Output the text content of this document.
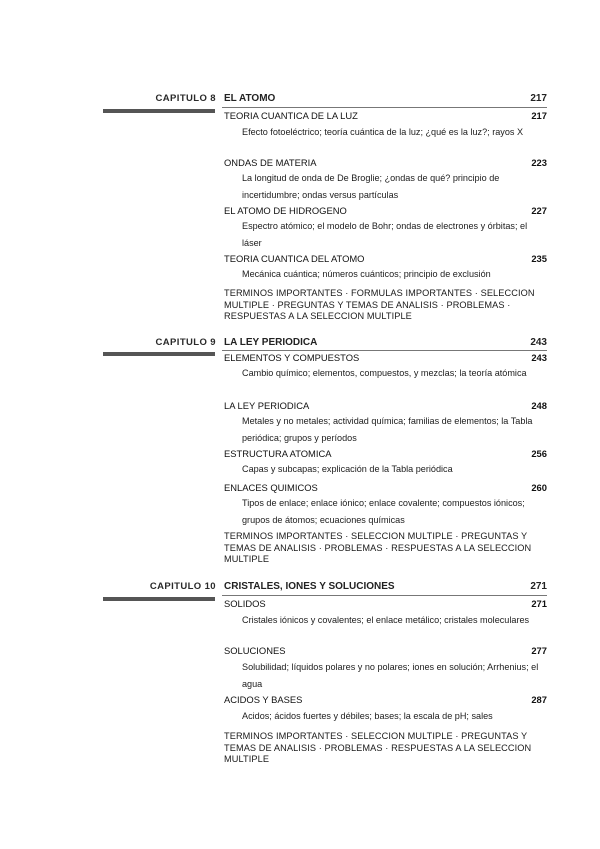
CAPITULO 8 EL ATOMO	217
TEORIA CUANTICA DE LA LUZ	217
Efecto fotoeléctrico; teoría cuántica de la luz; ¿qué es la luz?; rayos X
ONDAS DE MATERIA	223
La longitud de onda de De Broglie; ¿ondas de qué? principio de incertidumbre; ondas versus partículas
EL ATOMO DE HIDROGENO	227
Espectro atómico; el modelo de Bohr; ondas de electrones y órbitas; el láser
TEORIA CUANTICA DEL ATOMO	235
Mecánica cuántica; números cuánticos; principio de exclusión
TERMINOS IMPORTANTES · FORMULAS IMPORTANTES · SELECCION MULTIPLE · PREGUNTAS Y TEMAS DE ANALISIS · PROBLEMAS · RESPUESTAS A LA SELECCION MULTIPLE
CAPITULO 9 LA LEY PERIODICA	243
ELEMENTOS Y COMPUESTOS	243
Cambio químico; elementos, compuestos, y mezclas; la teoría atómica
LA LEY PERIODICA	248
Metales y no metales; actividad química; familias de elementos; la Tabla periódica; grupos y períodos
ESTRUCTURA ATOMICA	256
Capas y subcapas; explicación de la Tabla periódica
ENLACES QUIMICOS	260
Tipos de enlace; enlace iónico; enlace covalente; compuestos iónicos; grupos de átomos; ecuaciones químicas
TERMINOS IMPORTANTES · SELECCION MULTIPLE · PREGUNTAS Y TEMAS DE ANALISIS · PROBLEMAS · RESPUESTAS A LA SELECCION MULTIPLE
CAPITULO 10 CRISTALES, IONES Y SOLUCIONES	271
SOLIDOS	271
Cristales iónicos y covalentes; el enlace metálico; cristales moleculares
SOLUCIONES	277
Solubilidad; líquidos polares y no polares; iones en solución; Arrhenius; el agua
ACIDOS Y BASES	287
Acidos; ácidos fuertes y débiles; bases; la escala de pH; sales
TERMINOS IMPORTANTES · SELECCION MULTIPLE · PREGUNTAS Y TEMAS DE ANALISIS · PROBLEMAS · RESPUESTAS A LA SELECCION MULTIPLE
